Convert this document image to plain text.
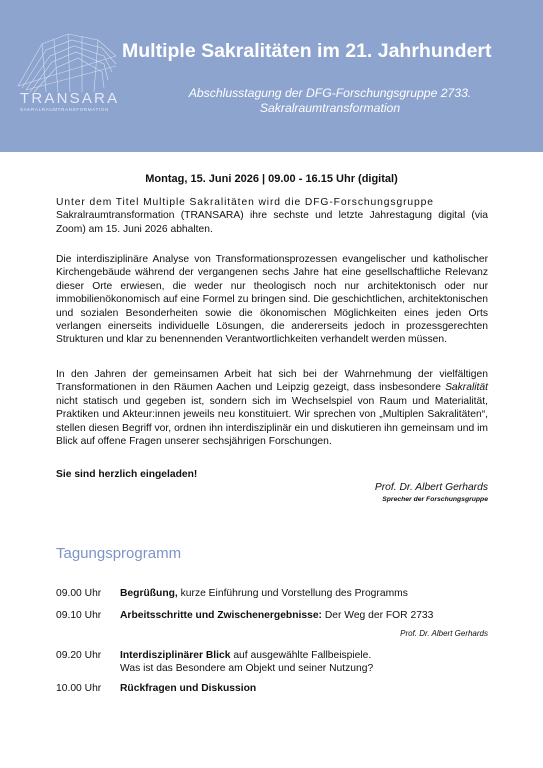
TRANSARA
SAKRALRAUMTRANSFORMATION
Multiple Sakralitäten im 21. Jahrhundert
Abschlusstagung der DFG-Forschungsgruppe 2733.
Sakralraumtransformation
Montag, 15. Juni 2026 | 09.00 - 16.15 Uhr (digital)
Unter dem Titel Multiple Sakralitäten wird die DFG-Forschungsgruppe
Sakralraumtransformation (TRANSARA) ihre sechste und letzte Jahrestagung digital (via Zoom) am 15. Juni 2026 abhalten.
Die interdisziplinäre Analyse von Transformationsprozessen evangelischer und katholischer Kirchengebäude während der vergangenen sechs Jahre hat eine gesellschaftliche Relevanz dieser Orte erwiesen, die weder nur theologisch noch nur architektonisch oder nur immobilienökonomisch auf eine Formel zu bringen sind. Die geschichtlichen, architektonischen und sozialen Besonderheiten sowie die ökonomischen Möglichkeiten eines jeden Orts verlangen einerseits individuelle Lösungen, die andererseits jedoch in prozessgerechten Strukturen und klar zu benennenden Verantwortlichkeiten verhandelt werden müssen.
In den Jahren der gemeinsamen Arbeit hat sich bei der Wahrnehmung der vielfältigen Transformationen in den Räumen Aachen und Leipzig gezeigt, dass insbesondere Sakralität nicht statisch und gegeben ist, sondern sich im Wechselspiel von Raum und Materialität, Praktiken und Akteur:innen jeweils neu konstituiert. Wir sprechen von „Multiplen Sakralitäten“, stellen diesen Begriff vor, ordnen ihn interdisziplinär ein und diskutieren ihn gemeinsam und im Blick auf offene Fragen unserer sechsjährigen Forschungen.
Sie sind herzlich eingeladen!
Prof. Dr. Albert Gerhards
Sprecher der Forschungsgruppe
Tagungsprogramm
09.00 Uhr	Begrüßung, kurze Einführung und Vorstellung des Programms
09.10 Uhr	Arbeitsschritte und Zwischenergebnisse: Der Weg der FOR 2733
Prof. Dr. Albert Gerhards
09.20 Uhr	Interdisziplinärer Blick auf ausgewählte Fallbeispiele.
Was ist das Besondere am Objekt und seiner Nutzung?
10.00 Uhr	Rückfragen und Diskussion
